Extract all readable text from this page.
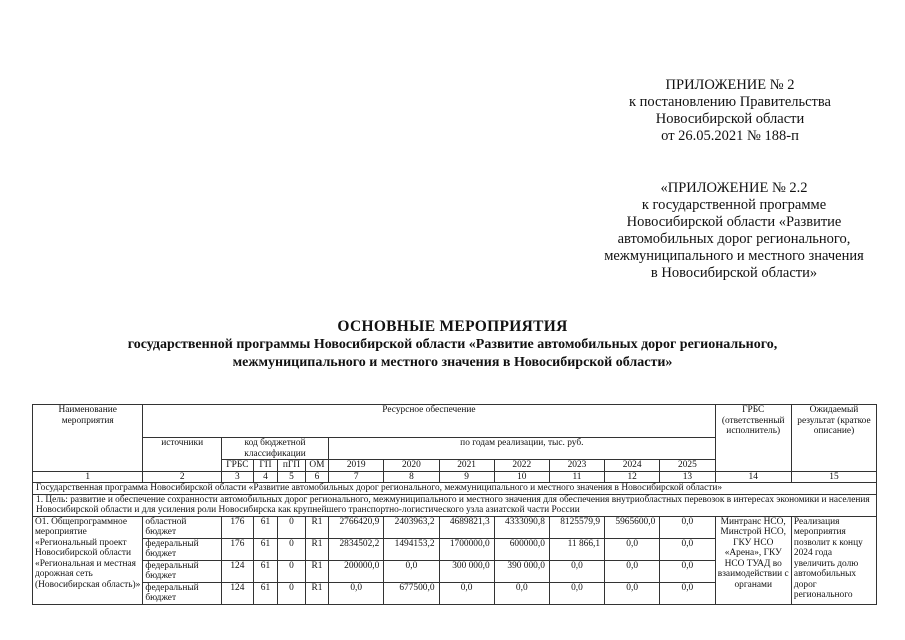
ПРИЛОЖЕНИЕ № 2
к постановлению Правительства
Новосибирской области
от 26.05.2021 № 188-п
«ПРИЛОЖЕНИЕ № 2.2
к государственной программе
Новосибирской области «Развитие
автомобильных дорог регионального,
межмуниципального и местного значения
в Новосибирской области»
ОСНОВНЫЕ МЕРОПРИЯТИЯ
государственной программы Новосибирской области «Развитие автомобильных дорог регионального,
межмуниципального и местного значения в Новосибирской области»
Наименование мероприятия	Ресурсное обеспечение												ГРБС (ответственный исполнитель)	Ожидаемый результат (краткое описание)
	источники	код бюджетной классификации				по годам реализации, тыс. руб.								
		ГРБС	ГП	пГП	ОМ	2019	2020	2021	2022	2023	2024	2025		
1	2	3	4	5	6	7	8	9	10	11	12	13	14	15
Государственная программа Новосибирской области «Развитие автомобильных дорог регионального, межмуниципального и местного значения в Новосибирской области»														
1. Цель: развитие и обеспечение сохранности автомобильных дорог регионального, межмуниципального и местного значения для обеспечения внутриобластных перевозок в интересах экономики и населения Новосибирской области и для усиления роли Новосибирска как крупнейшего транспортно-логистического узла азиатской части России														
О1. Общепрограммное мероприятие «Региональный проект Новосибирской области «Региональная и местная дорожная сеть (Новосибирская область)»	областной бюджет	176	61	0	R1	2766420,9	2403963,2	4689821,3	4333090,8	8125579,9	5965600,0	0,0	Минтранс НСО, Минстрой НСО, ГКУ НСО «Арена», ГКУ НСО ТУАД во взаимодействии с органами	Реализация мероприятия позволит к концу 2024 года увеличить долю автомобильных дорог регионального
	федеральный бюджет	176	61	0	R1	2834502,2	1494153,2	1700000,0	600000,0	11 866,1	0,0	0,0		
	федеральный бюджет	124	61	0	R1	200000,0	0,0	300 000,0	390 000,0	0,0	0,0	0,0		
	федеральный бюджет	124	61	0	R1	0,0	677500,0	0,0	0,0	0,0	0,0	0,0		
